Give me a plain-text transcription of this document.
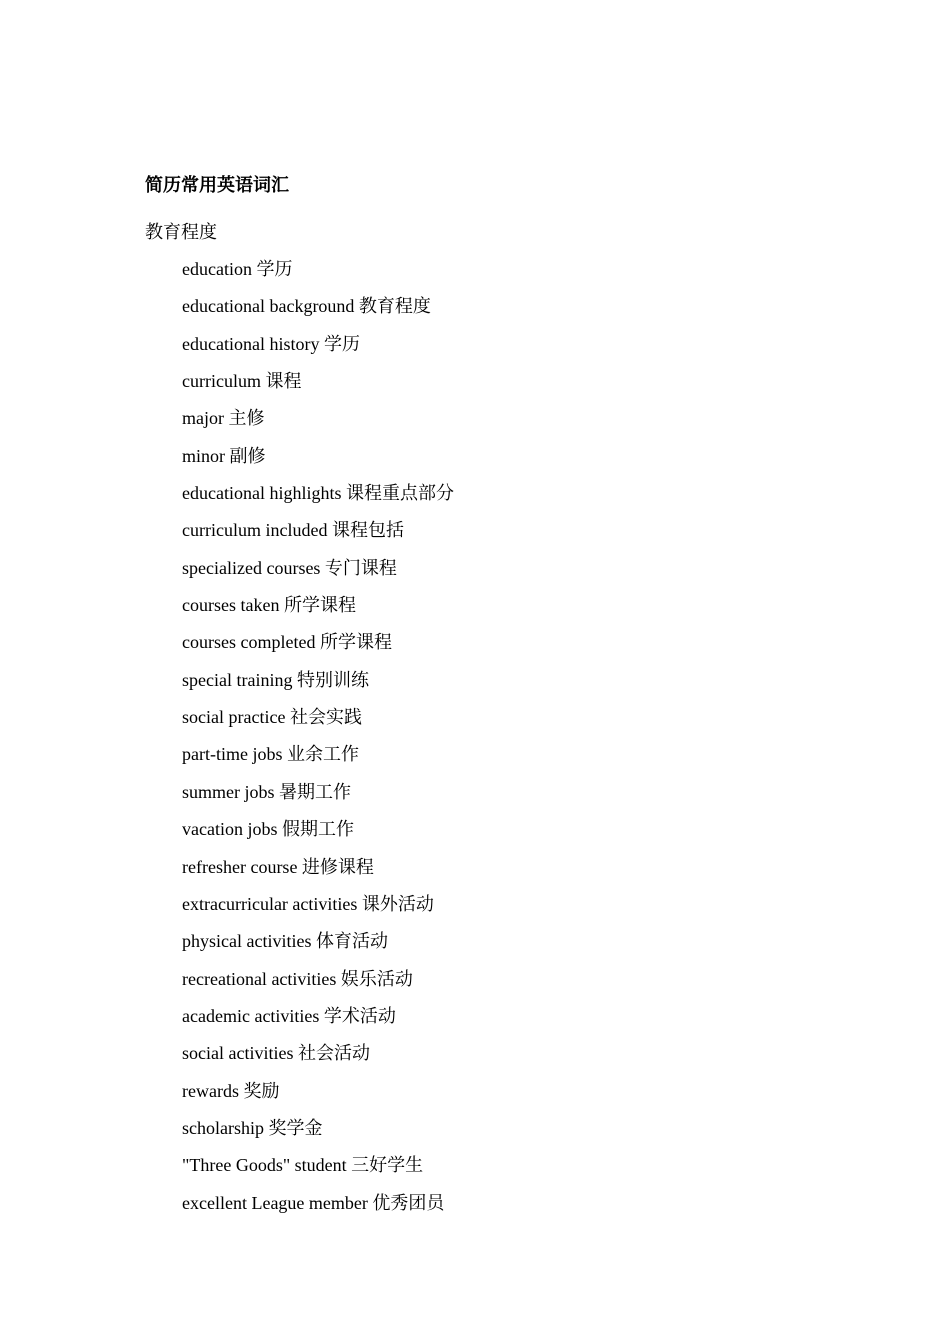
简历常用英语词汇
教育程度
education 学历
educational background 教育程度
educational history 学历
curriculum 课程
major 主修
minor 副修
educational highlights 课程重点部分
curriculum included 课程包括
specialized courses 专门课程
courses taken 所学课程
courses completed 所学课程
special training 特别训练
social practice 社会实践
part-time jobs 业余工作
summer jobs 暑期工作
vacation jobs 假期工作
refresher course 进修课程
extracurricular activities 课外活动
physical activities 体育活动
recreational activities 娱乐活动
academic activities 学术活动
social activities 社会活动
rewards 奖励
scholarship 奖学金
"Three Goods" student 三好学生
excellent League member 优秀团员
